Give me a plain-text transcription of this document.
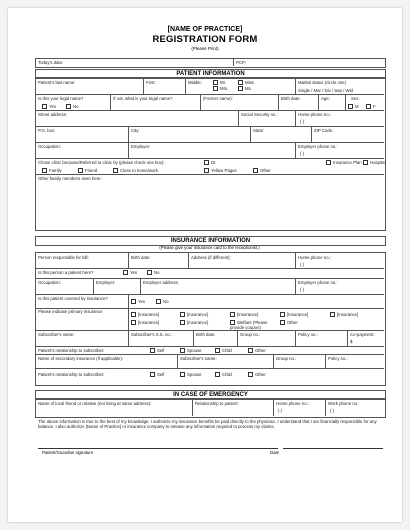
[NAME OF PRACTICE]
REGISTRATION FORM
(Please Print)
Today's date:	PCP:
PATIENT INFORMATION
Patient's last name:	First:	Middle:	Mr.	Miss
Mrs.	Ms.
Marital status (circle one)
Single / Mar / Div / Sep / Wid
Is this your legal name?
Yes	No
If not, what is your legal name?	(Former name):	Birth date:	Age:	Sex:
M	F
Street address:	Social Security no.:	Home phone no.:
( )
P.O. box:	City:	State:	ZIP Code:
Occupation:	Employer:	Employer phone no.:
( )
Chose clinic because/Referred to clinic by (please check one box):	Dr.	Insurance Plan	Hospital
Family	Friend	Close to home/work	Yellow Pages	Other
Other family members seen here:
INSURANCE INFORMATION
(Please give your insurance card to the receptionist.)
Person responsible for bill:	Birth date:	Address (if different):	Home phone no.:
( )
Is this person a patient here?	Yes	No
Occupation:	Employer:	Employer address:	Employer phone no.:
( )
Is this patient covered by insurance?
Yes	No
Please indicate primary insurance
[Insurance]	[Insurance]	[Insurance]	[Insurance]	[Insurance]
[Insurance]	[Insurance]	Welfare (Please provide coupon)
Other
Subscriber's name:	Subscriber's S.S. no.:	Birth date:	Group no.:	Policy no.:	Co-payment:
$
Patient's relationship to subscriber:	Self	Spouse	Child	Other
Name of secondary insurance (if applicable):	Subscriber's name:	Group no.:	Policy no.:
Patient's relationship to subscriber:	Self	Spouse	Child	Other
IN CASE OF EMERGENCY
Name of local friend or relative (not living at same address):	Relationship to patient:	Home phone no.:
( )
Work phone no.:
( )
The above information is true to the best of my knowledge. I authorize my insurance benefits be paid directly to the physician. I understand that I am financially responsible for any balance. I also authorize [Name of Practice] or insurance company to release any information required to process my claims.
Patient/Guardian signature	Date
